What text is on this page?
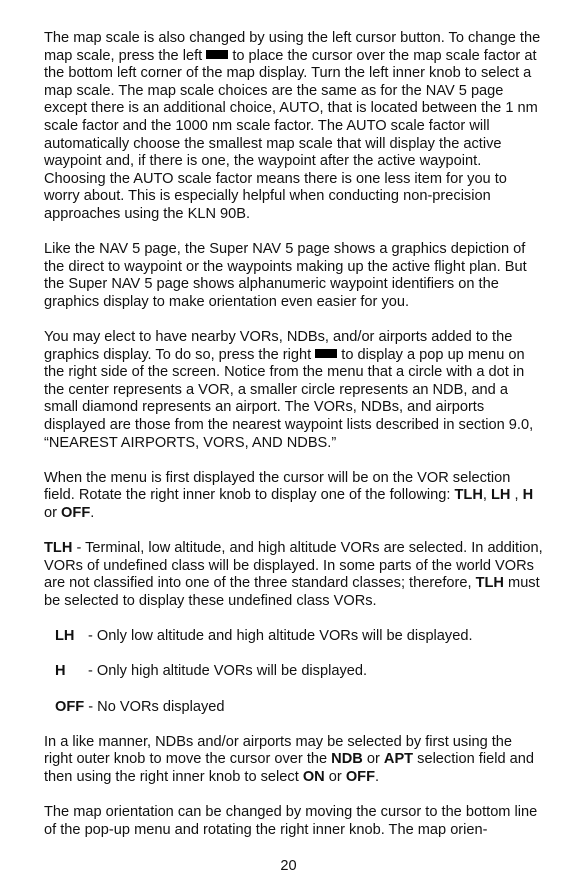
The map scale is also changed by using the left cursor button. To change the map scale, press the left to place the cursor over the map scale factor at the bottom left corner of the map display. Turn the left inner knob to select a map scale. The map scale choices are the same as for the NAV 5 page except there is an additional choice, AUTO, that is located between the 1 nm scale factor and the 1000 nm scale factor. The AUTO scale factor will automatically choose the smallest map scale that will display the active waypoint and, if there is one, the waypoint after the active waypoint. Choosing the AUTO scale factor means there is one less item for you to worry about. This is especially helpful when conducting non-precision approaches using the KLN 90B.

Like the NAV 5 page, the Super NAV 5 page shows a graphics depiction of the direct to waypoint or the waypoints making up the active flight plan. But the Super NAV 5 page shows alphanumeric waypoint identifiers on the graphics display to make orientation even easier for you.

You may elect to have nearby VORs, NDBs, and/or airports added to the graphics display. To do so, press the right to display a pop up menu on the right side of the screen. Notice from the menu that a circle with a dot in the center represents a VOR, a smaller circle represents an NDB, and a small diamond represents an airport. The VORs, NDBs, and airports displayed are those from the nearest waypoint lists described in section 9.0, “NEAREST AIRPORTS, VORS, AND NDBS.”

When the menu is first displayed the cursor will be on the VOR selection field. Rotate the right inner knob to display one of the following: TLH, LH , H or OFF.

TLH - Terminal, low altitude, and high altitude VORs are selected. In addition, VORs of undefined class will be displayed. In some parts of the world VORs are not classified into one of the three standard classes; therefore, TLH must be selected to display these undefined class VORs.

LH - Only low altitude and high altitude VORs will be displayed.

H - Only high altitude VORs will be displayed.

OFF - No VORs displayed

In a like manner, NDBs and/or airports may be selected by first using the right outer knob to move the cursor over the NDB or APT selection field and then using the right inner knob to select ON or OFF.

The map orientation can be changed by moving the cursor to the bottom line of the pop-up menu and rotating the right inner knob. The map orien-

20
